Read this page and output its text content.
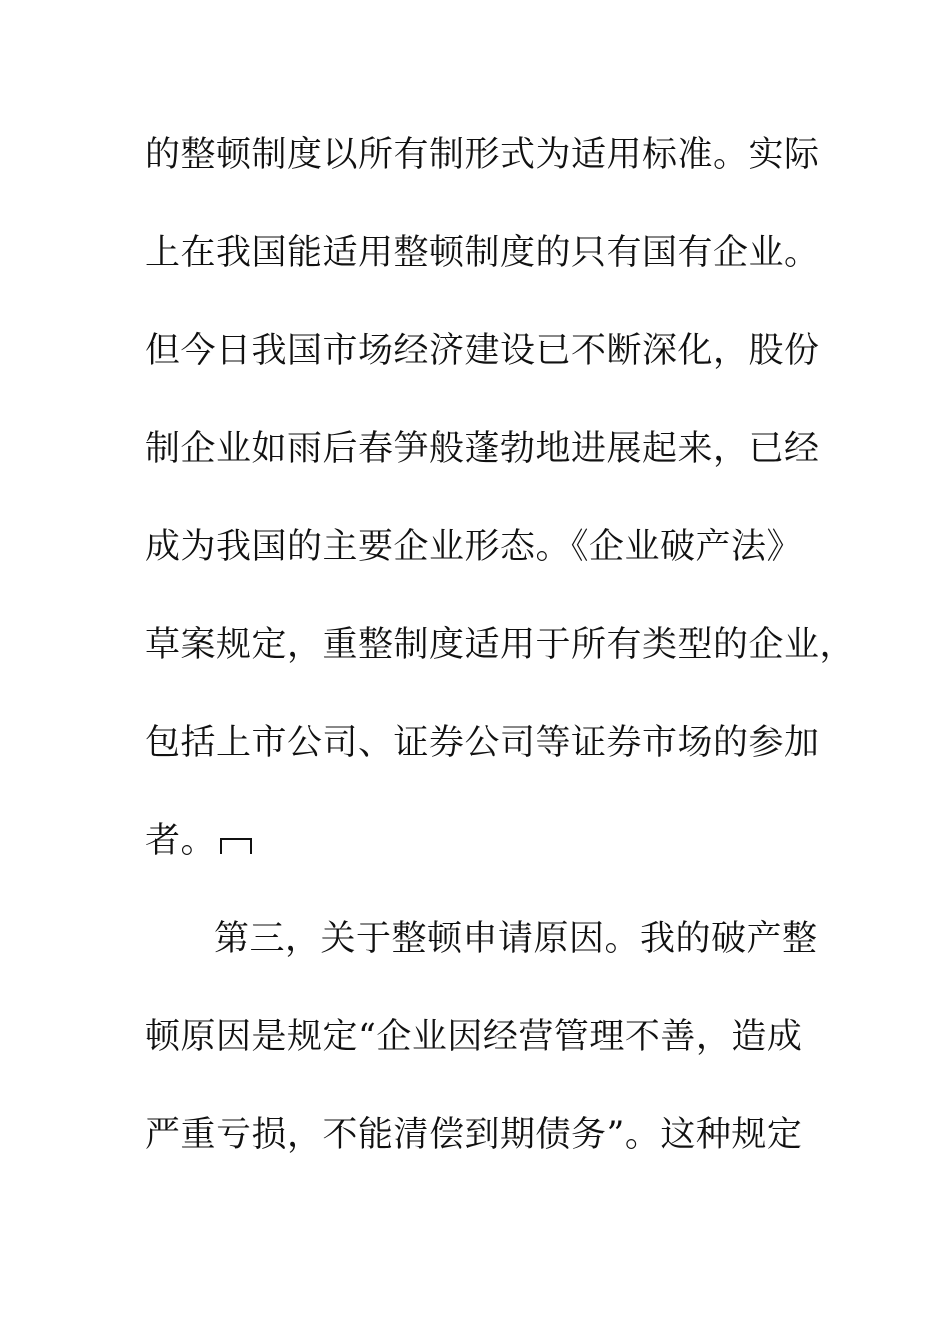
的整顿制度以所有制形式为适用标准。实际
上在我国能适用整顿制度的只有国有企业。
但今日我国市场经济建设已不断深化，股份
制企业如雨后春笋般蓬勃地进展起来，已经
成为我国的主要企业形态。《企业破产法》
草案规定，重整制度适用于所有类型的企业，
包括上市公司、证券公司等证券市场的参加
者。
第三，关于整顿申请原因。我的破产整
顿原因是规定“企业因经营管理不善，造成
严重亏损，不能清偿到期债务”。这种规定
